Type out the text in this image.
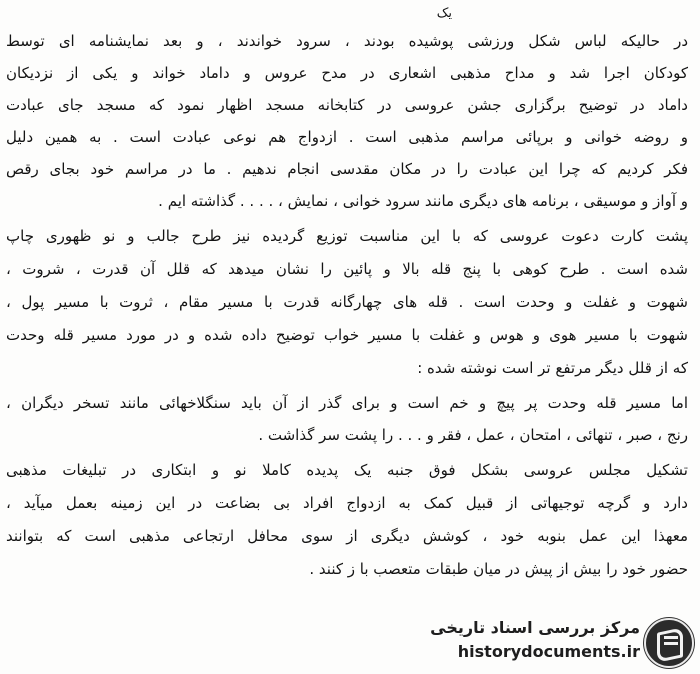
یک
در حالیکه لباس شکل ورزشی پوشیده بودند ، سرود خواندند ، و بعد نمایشنامه ای توسط
کودکان اجرا شد و مداح مذهبی اشعاری در مدح عروس و داماد خواند و یکی از نزدیکان
داماد در توضیح برگزاری جشن عروسی در کتابخانه مسجد اظهار نمود که مسجد جای عبادت
و روضه خوانی و برپائی مراسم مذهبی است . ازدواج هم نوعی عبادت است . به همین دلیل
فکر کردیم که چرا این عبادت را در مکان مقدسی انجام ندهیم . ما در مراسم خود بجای رقص
و آواز و موسیقی ، برنامه های دیگری مانند سرود خوانی ، نمایش ، . . . . گذاشته ایم .
پشت کارت دعوت عروسی که با این مناسبت توزیع گردیده نیز طرح جالب و نو ظهوری چاپ
شده است . طرح کوهی با پنج قله بالا و پائین را نشان میدهد که قلل آن قدرت ، شروت ،
شهوت و غفلت و وحدت است . قله های چهارگانه قدرت با مسیر مقام ، ثروت با مسیر پول ،
شهوت با مسیر هوی و هوس و غفلت با مسیر خواب توضیح داده شده و در مورد مسیر قله وحدت
که از قلل دیگر مرتفع تر است نوشته شده :
اما مسیر قله وحدت پر پیچ و خم است و برای گذر از آن باید سنگلاخهائی مانند تسخر دیگران ،
رنج ، صبر ، تنهائی ، امتحان ، عمل ، فقر و . . . را پشت سر گذاشت .
تشکیل مجلس عروسی بشکل فوق جنبه یک پدیده کاملا نو و ابتکاری در تبلیغات مذهبی
دارد و گرچه توجیهاتی از قبیل کمک به ازدواج افراد بی بضاعت در این زمینه بعمل میآید ،
معهذا این عمل بنوبه خود ، کوشش دیگری از سوی محافل ارتجاعی مذهبی است که بتوانند
حضور خود را بیش از پیش در میان طبقات متعصب با ز کنند .
مرکز بررسی اسناد تاریخی
historydocuments.ir
